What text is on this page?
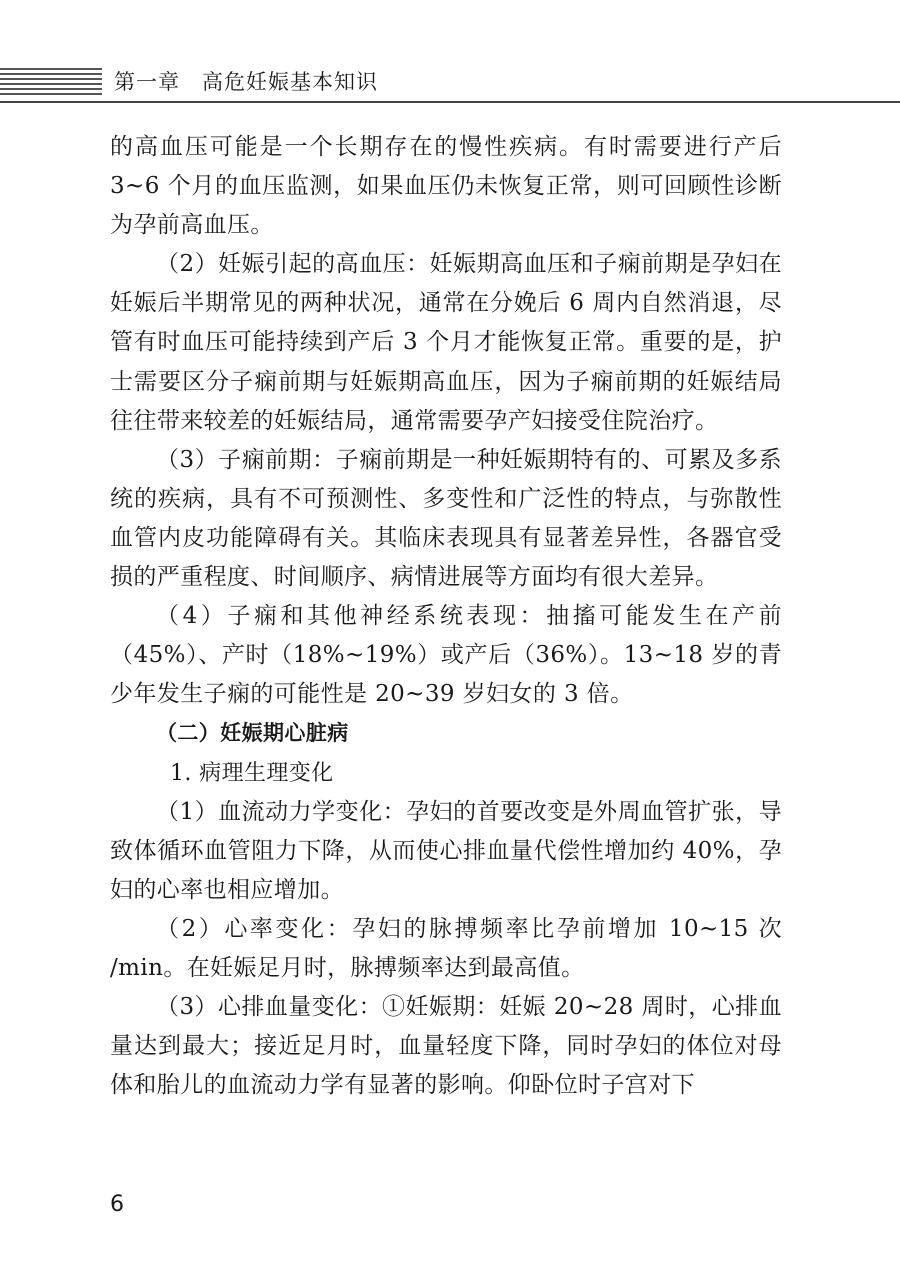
第一章 高危妊娠基本知识

的高血压可能是一个长期存在的慢性疾病。有时需要进行产后 3~6 个月的血压监测，如果血压仍未恢复正常，则可回顾性诊断为孕前高血压。

（2）妊娠引起的高血压：妊娠期高血压和子痫前期是孕妇在妊娠后半期常见的两种状况，通常在分娩后 6 周内自然消退，尽管有时血压可能持续到产后 3 个月才能恢复正常。重要的是，护士需要区分子痫前期与妊娠期高血压，因为子痫前期的妊娠结局往往带来较差的妊娠结局，通常需要孕产妇接受住院治疗。

（3）子痫前期：子痫前期是一种妊娠期特有的、可累及多系统的疾病，具有不可预测性、多变性和广泛性的特点，与弥散性血管内皮功能障碍有关。其临床表现具有显著差异性，各器官受损的严重程度、时间顺序、病情进展等方面均有很大差异。

（4）子痫和其他神经系统表现：抽搐可能发生在产前（45%）、产时（18%~19%）或产后（36%）。13~18 岁的青少年发生子痫的可能性是 20~39 岁妇女的 3 倍。

（二）妊娠期心脏病

1. 病理生理变化

（1）血流动力学变化：孕妇的首要改变是外周血管扩张，导致体循环血管阻力下降，从而使心排血量代偿性增加约 40%，孕妇的心率也相应增加。

（2）心率变化：孕妇的脉搏频率比孕前增加 10~15 次 /min。在妊娠足月时，脉搏频率达到最高值。

（3）心排血量变化：①妊娠期：妊娠 20~28 周时，心排血量达到最大；接近足月时，血量轻度下降，同时孕妇的体位对母体和胎儿的血流动力学有显著的影响。仰卧位时子宫对下

6
